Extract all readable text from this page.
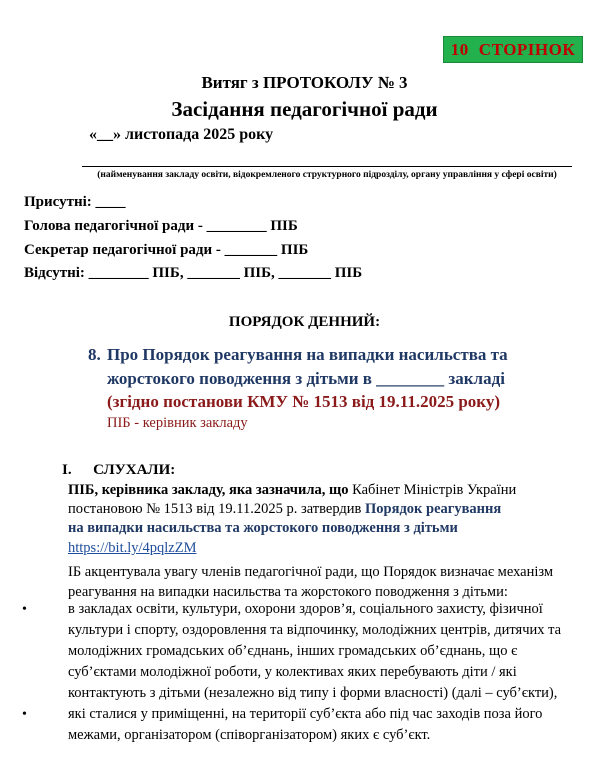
10 СТОРІНОК
Витяг з ПРОТОКОЛУ № 3
Засідання педагогічної ради
«__» листопада 2025 року
(найменування закладу освіти, відокремленого структурного підрозділу, органу управління у сфері освіти)
Присутні: ____
Голова педагогічної ради - ________ ПІБ
Секретар педагогічної ради - _______ ПІБ
Відсутні: ________ ПІБ, _______ ПІБ, _______ ПІБ
ПОРЯДОК ДЕННИЙ:
8. Про Порядок реагування на випадки насильства та
жорстокого поводження з дітьми в ________ закладі
(згідно постанови КМУ № 1513 від 19.11.2025 року)
ПІБ - керівник закладу
I. СЛУХАЛИ:
ПІБ, керівника закладу, яка зазначила, що Кабінет Міністрів України
постановою № 1513 від 19.11.2025 р. затвердив Порядок реагування
на випадки насильства та жорстокого поводження з дітьми
https://bit.ly/4pqlzZM
ІБ акцентувала увагу членів педагогічної ради, що Порядок визначає механізм
реагування на випадки насильства та жорстокого поводження з дітьми:
•	в закладах освіти, культури, охорони здоров’я, соціального захисту, фізичної
культури і спорту, оздоровлення та відпочинку, молодіжних центрів, дитячих та
молодіжних громадських об’єднань, інших громадських об’єднань, що є
суб’єктами молодіжної роботи, у колективах яких перебувають діти / які
контактують з дітьми (незалежно від типу і форми власності) (далі – суб’єкти),
•	які сталися у приміщенні, на території суб’єкта або під час заходів поза його
межами, організатором (співорганізатором) яких є суб’єкт.
